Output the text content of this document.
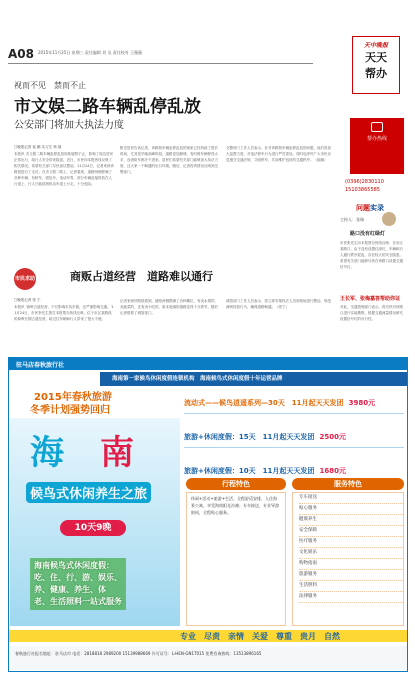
A08 2015年11月25日 星期三 责任编辑 刘 员 责任校对 王薇薇
天中晚报
天天
帮办
视而不见　禁而不止
市文娱二路车辆乱停乱放
公安部门将加大执法力度
□晚报记者 崔 鹏 实习生 杨 瑞
本报讯 市文娱二路车辆乱停乱放现象屡禁不止，影响了周边居民正常出行，给行人安全带来隐患。近日，市民向本报热线反映了相关情况，希望有关部门尽快加以整治。11月24日，记者来到该路段进行了走访。在市文娱二路上，记者看到，道路两侧停满了各种车辆，有轿车、面包车、电动车等，部分车辆直接停放在人行道上，行人只能绕到机动车道上行走，十分危险。
附近居民告诉记者，该路段车辆乱停乱放的现象已经持续了很长时间，尤其是早晚高峰时段，道路更加拥堵。有时候车辆停得太多，连消防车都开不进来。居民们希望有关部门能够加大执法力度，还大家一个畅通的出行环境。随后，记者将该情况反映到交警部门。
交警部门工作人员表示，针对该路段车辆乱停乱放的问题，他们将加大巡逻力度，对违法停车行为进行严厉查处。同时也呼吁广大市民自觉遵守交通法规，文明停车，共同维护良好的交通秩序。（崔鹏）
帮办热线
(0396)2830110
15103865585
问题实录
主持人：张瑞
路口没有红绿灯
市民张先生向本报帮办热线反映：在市区某路口，由于没有设置红绿灯，车辆和行人通行秩序混乱，存在较大的安全隐患。希望有关部门能够尽快在该路口设置交通信号灯。
王长军、张梅嘉答帮助你证
对此，交通管理部门表示，将尽快对该路口进行实地勘察，根据交通流量情况研究设置信号灯的可行性。
市民求助	商贩占道经营　道路难以通行
□晚报记者 张 宁
本报讯 '商贩占道经营，不仅影响市容市貌，还严重影响交通。'11月24日，市民李先生拨打本报帮办热线反映，位于市区某路段的商贩长期占道经营，给过往车辆和行人带来了很大不便。
记者来到该路段看到，道路两侧摆满了各种摊位，有卖水果的、卖蔬菜的，还有卖小吃的，原本宽阔的道路变得十分狭窄。随后记者联系了城管部门。
城管部门工作人员表示，将立即安排执法人员到现场进行整治，规范商贩经营行为，确保道路畅通。（张宁）
驻马店春秋旅行社
海南第一家候鸟休闲度假连锁机构　海南候鸟式休闲度假十年运营品牌
2015年春秋旅游
冬季计划强势回归
海 南
候鸟式休闲养生之旅
10天9晚
海南候鸟式休闲度假：
吃、住、行、游、娱乐、
养、健康、养生、体
老、生活照料一站式服务
流动式——候鸟逍遥系列—30天　11月起天天发团 3980元
旅游+休闲度假：15天　11月起天天发团 2500元
旅游+休闲度假：10天　11月起天天发团 1680元
行程特色
休闲+活动+旅游+生活；全程舒适安排，入住海景公寓，享受海南阳光沙滩；专车接送，专业导游陪同，全程贴心服务。
服务特色
专车接送
贴心服务
健康养生
安全保障
医疗服务
文化娱乐
购物指南
旅游服务
生活照料
法律服务
专业　尽责　亲情　关爱　尊重　贵月　自然
春秋旅行社报名地址：驻马店市 电话：2818818 2989200 15139988669 许可证号：L-HEN-GN1T015 免费咨询热线：13513896165
